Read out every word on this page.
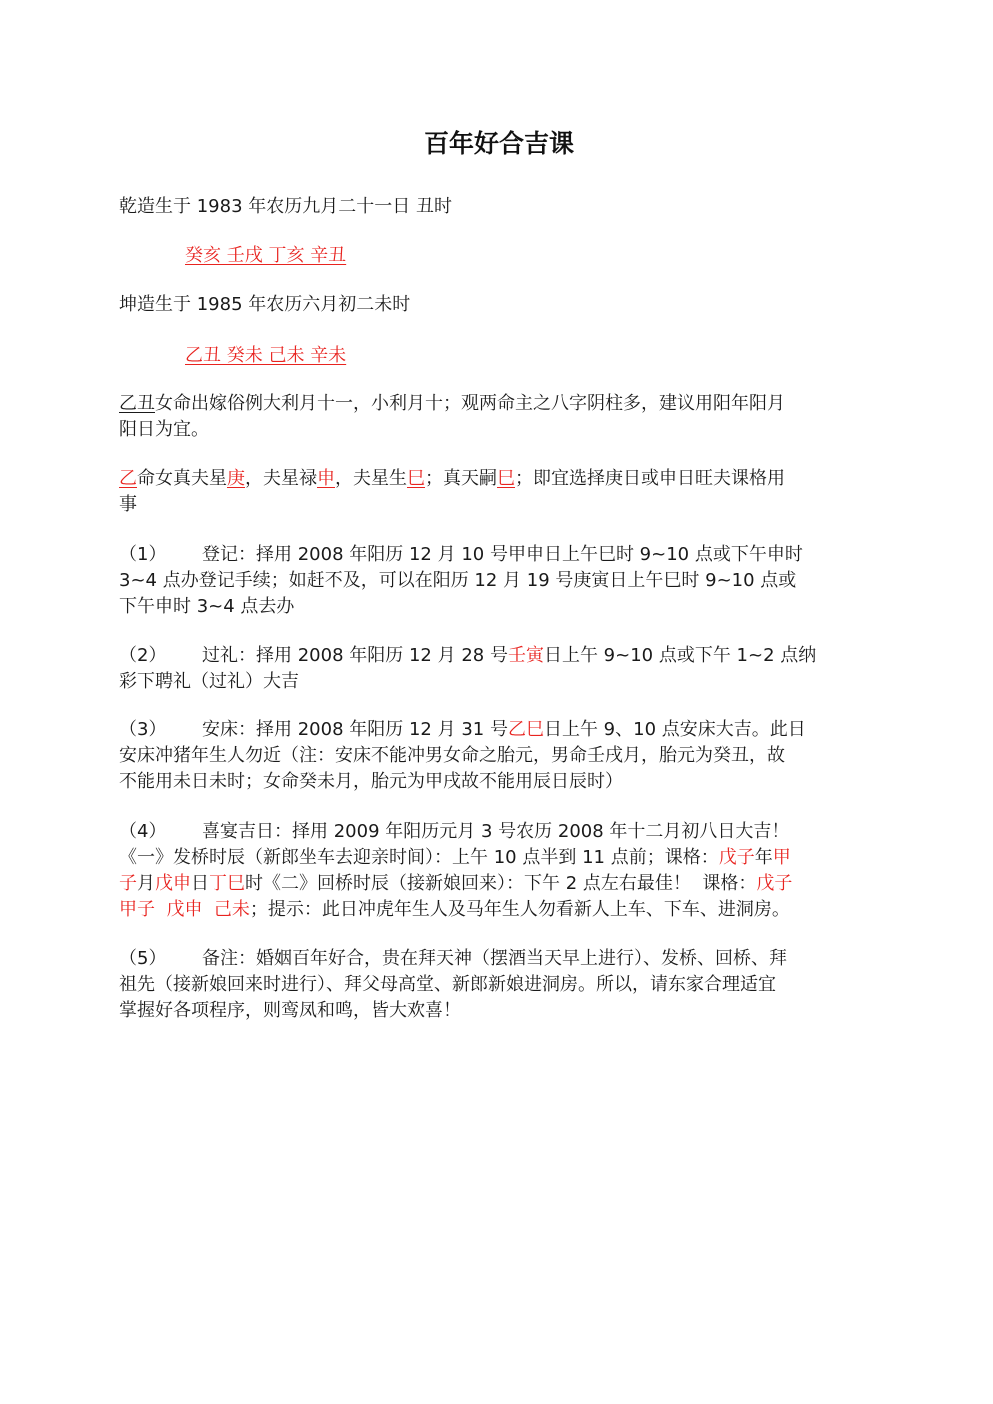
百年好合吉课
乾造生于 1983 年农历九月二十一日 丑时
癸亥 壬戌 丁亥 辛丑
坤造生于 1985 年农历六月初二未时
乙丑 癸未 己未 辛未
乙丑女命出嫁俗例大利月十一，小利月十；观两命主之八字阴柱多，建议用阳年阳月
阳日为宜。
乙命女真夫星庚，夫星禄申，夫星生巳；真天嗣巳；即宜选择庚日或申日旺夫课格用
事
（1） 登记：择用 2008 年阳历 12 月 10 号甲申日上午巳时 9~10 点或下午申时
3~4 点办登记手续；如赶不及，可以在阳历 12 月 19 号庚寅日上午巳时 9~10 点或
下午申时 3~4 点去办
（2） 过礼：择用 2008 年阳历 12 月 28 号壬寅日上午 9~10 点或下午 1~2 点纳
彩下聘礼（过礼）大吉
（3） 安床：择用 2008 年阳历 12 月 31 号乙巳日上午 9、10 点安床大吉。此日
安床冲猪年生人勿近（注：安床不能冲男女命之胎元，男命壬戌月，胎元为癸丑，故
不能用未日未时；女命癸未月，胎元为甲戌故不能用辰日辰时）
（4） 喜宴吉日：择用 2009 年阳历元月 3 号农历 2008 年十二月初八日大吉！
《一》发桥时辰（新郎坐车去迎亲时间）：上午 10 点半到 11 点前；课格：戊子年甲
子月戊申日丁巳时《二》回桥时辰（接新娘回来）：下午 2 点左右最佳！  课格：戊子
甲子  戊申  己未；提示：此日冲虎年生人及马年生人勿看新人上车、下车、进洞房。
（5） 备注：婚姻百年好合，贵在拜天神（摆酒当天早上进行）、发桥、回桥、拜
祖先（接新娘回来时进行）、拜父母高堂、新郎新娘进洞房。所以，请东家合理适宜
掌握好各项程序，则鸾凤和鸣，皆大欢喜！
